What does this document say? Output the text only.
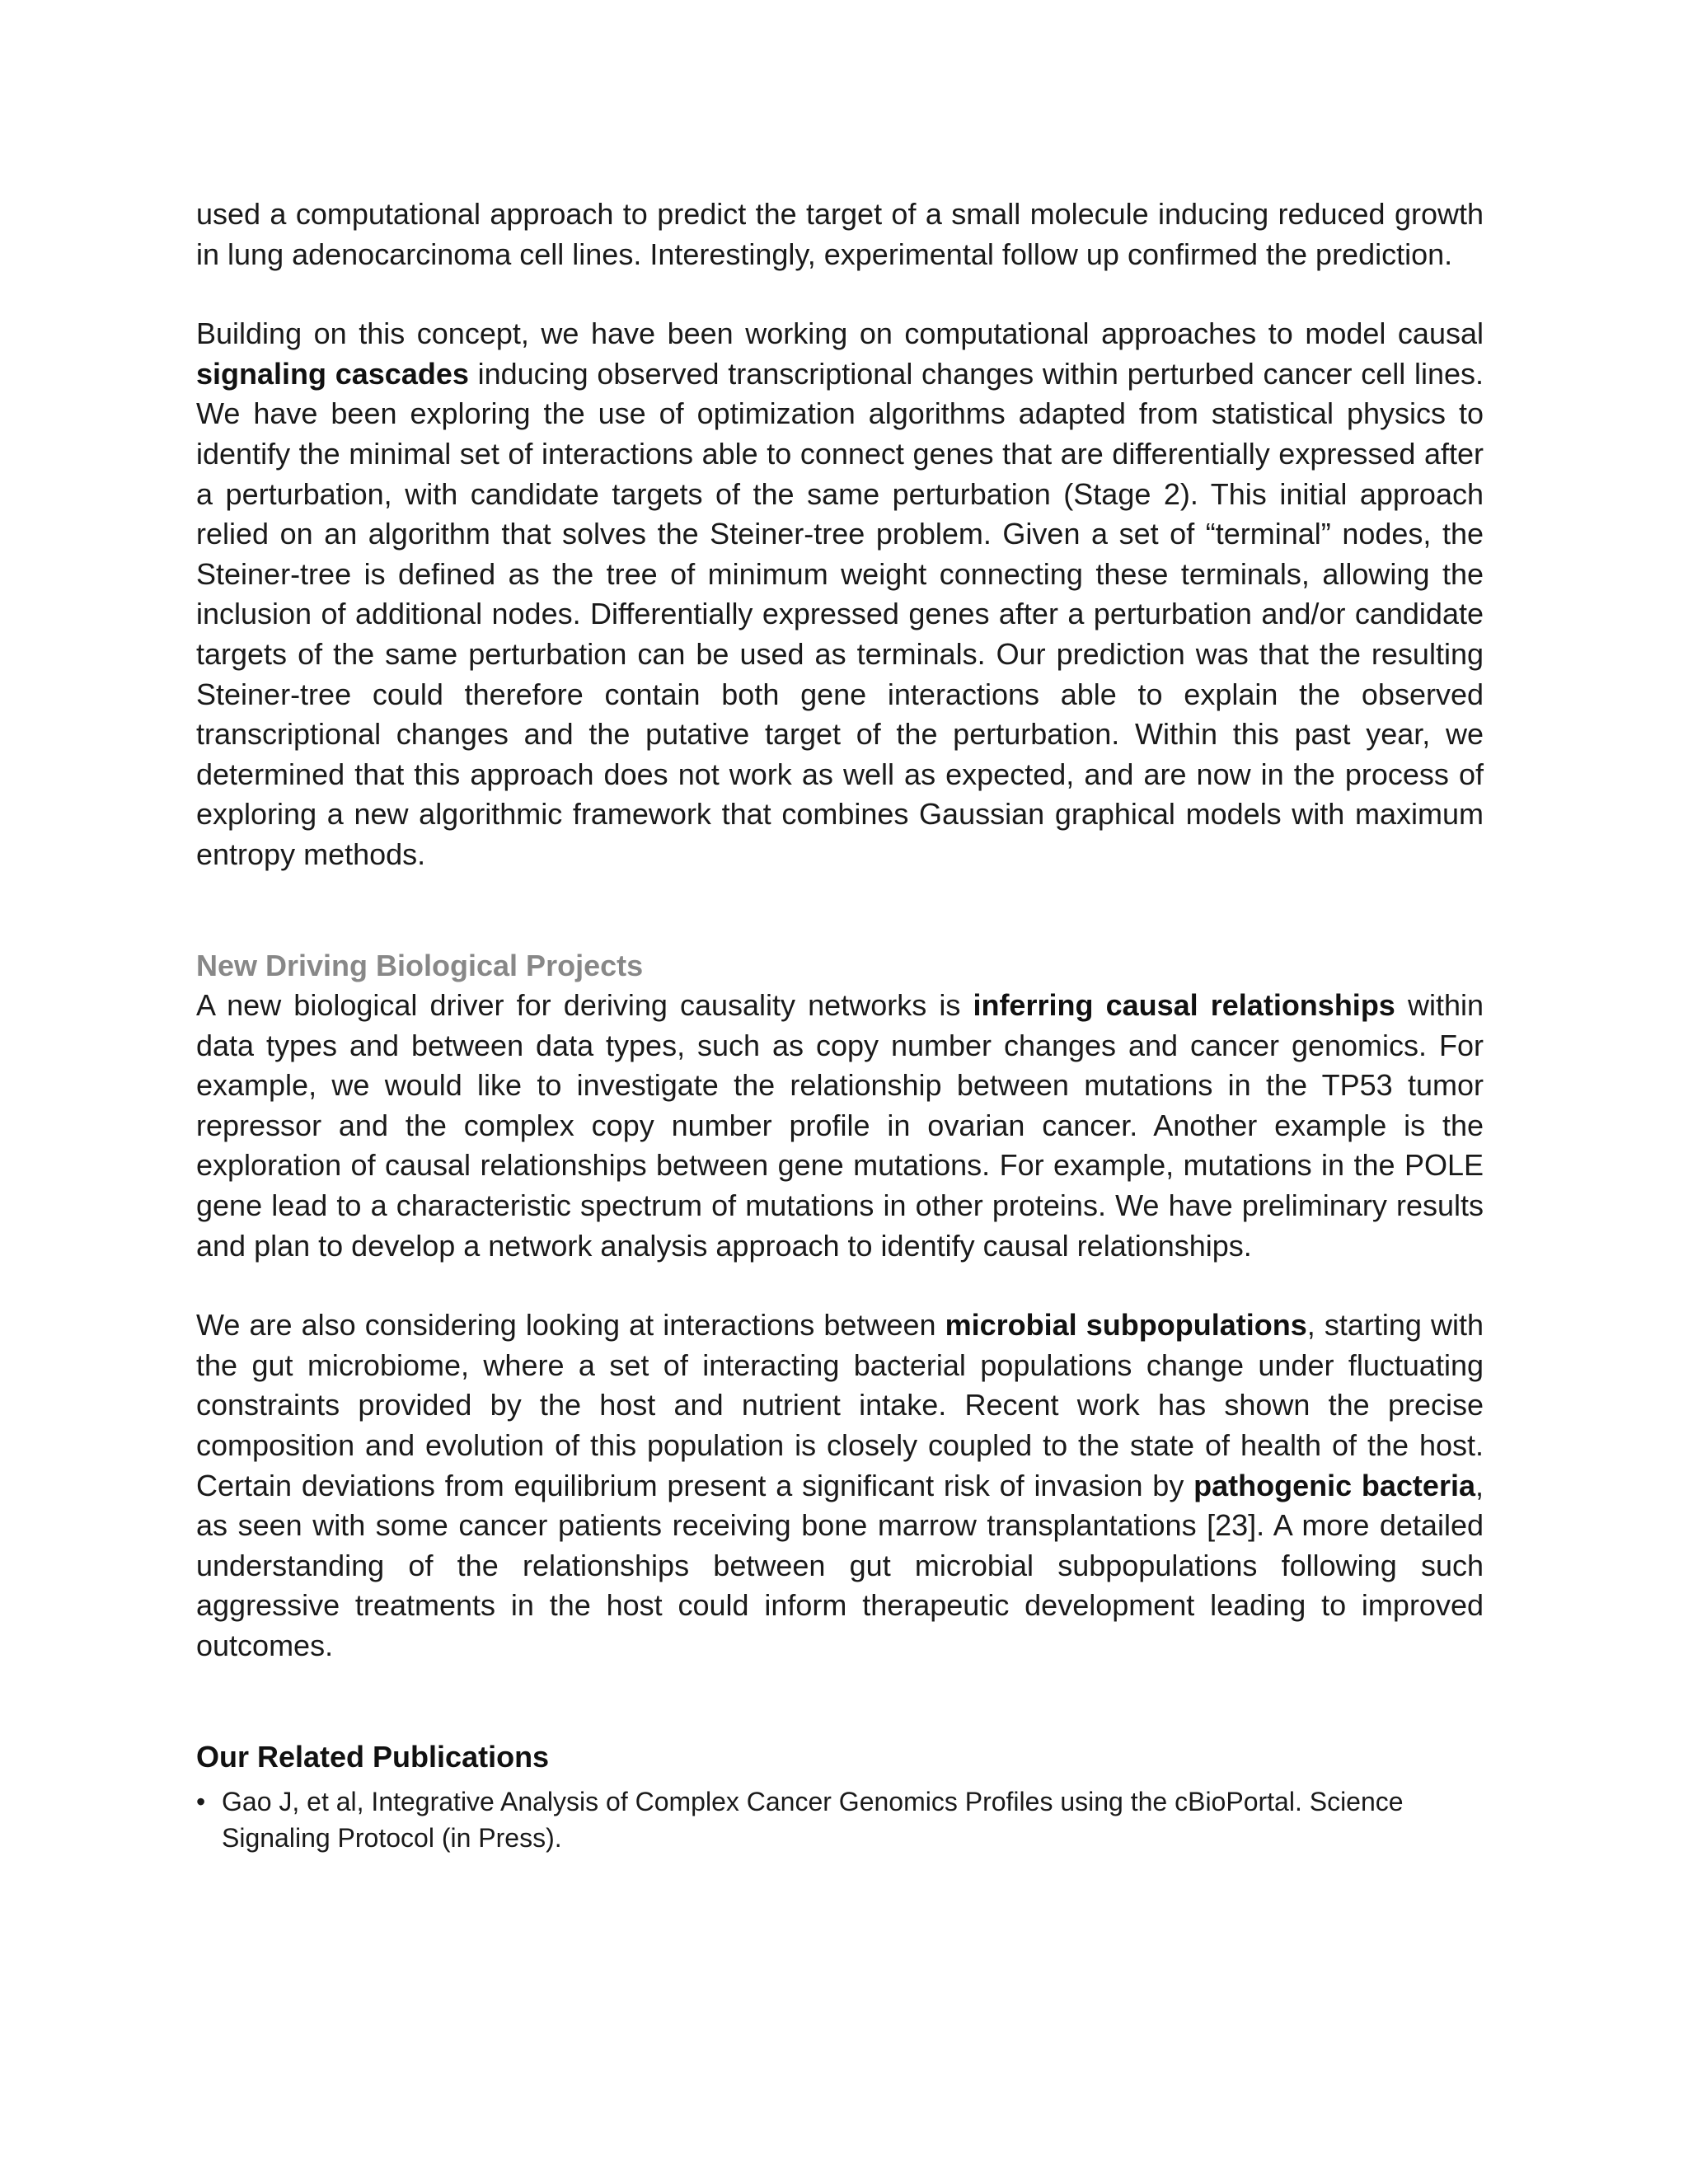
used a computational approach to predict the target of a small molecule inducing reduced growth in lung adenocarcinoma cell lines. Interestingly, experimental follow up confirmed the prediction.

Building on this concept, we have been working on computational approaches to model causal signaling cascades inducing observed transcriptional changes within perturbed cancer cell lines. We have been exploring the use of optimization algorithms adapted from statistical physics to identify the minimal set of interactions able to connect genes that are differentially expressed after a perturbation, with candidate targets of the same perturbation (Stage 2). This initial approach relied on an algorithm that solves the Steiner-tree problem. Given a set of “terminal” nodes, the Steiner-tree is defined as the tree of minimum weight connecting these terminals, allowing the inclusion of additional nodes. Differentially expressed genes after a perturbation and/or candidate targets of the same perturbation can be used as terminals. Our prediction was that the resulting Steiner-tree could therefore contain both gene interactions able to explain the observed transcriptional changes and the putative target of the perturbation. Within this past year, we determined that this approach does not work as well as expected, and are now in the process of exploring a new algorithmic framework that combines Gaussian graphical models with maximum entropy methods.

New Driving Biological Projects

A new biological driver for deriving causality networks is inferring causal relationships within data types and between data types, such as copy number changes and cancer genomics. For example, we would like to investigate the relationship between mutations in the TP53 tumor repressor and the complex copy number profile in ovarian cancer. Another example is the exploration of causal relationships between gene mutations. For example, mutations in the POLE gene lead to a characteristic spectrum of mutations in other proteins. We have preliminary results and plan to develop a network analysis approach to identify causal relationships.

We are also considering looking at interactions between microbial subpopulations, starting with the gut microbiome, where a set of interacting bacterial populations change under fluctuating constraints provided by the host and nutrient intake. Recent work has shown the precise composition and evolution of this population is closely coupled to the state of health of the host. Certain deviations from equilibrium present a significant risk of invasion by pathogenic bacteria, as seen with some cancer patients receiving bone marrow transplantations [23]. A more detailed understanding of the relationships between gut microbial subpopulations following such aggressive treatments in the host could inform therapeutic development leading to improved outcomes.

Our Related Publications
• Gao J, et al, Integrative Analysis of Complex Cancer Genomics Profiles using the cBioPortal. Science Signaling Protocol (in Press).
